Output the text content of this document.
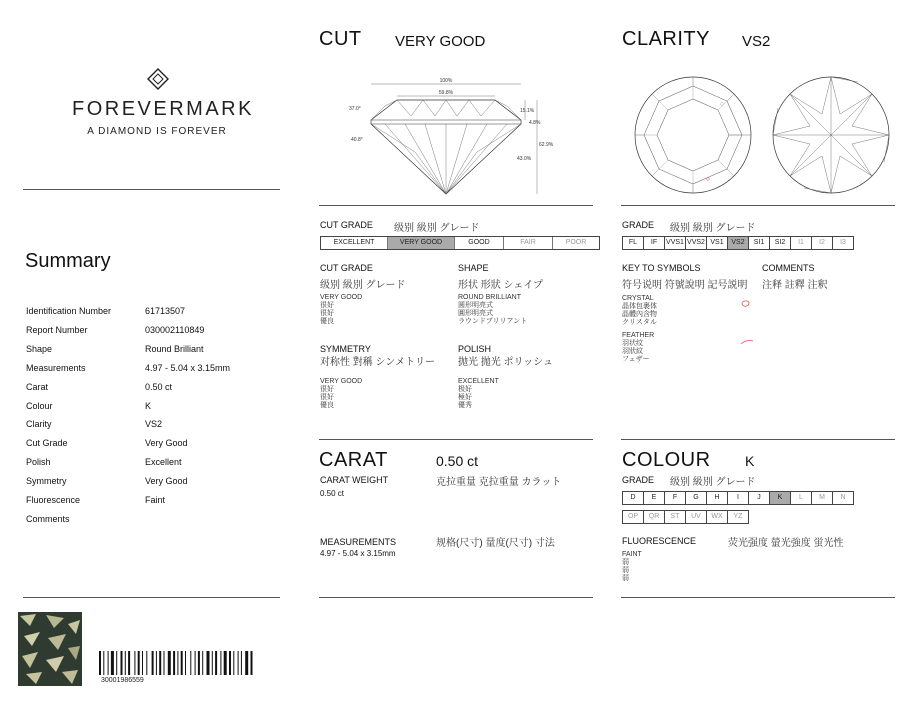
FOREVERMARK
A DIAMOND IS FOREVER
Summary
Identification Number	61713507
Report Number	030002110849
Shape	Round Brilliant
Measurements	4.97 - 5.04 x 3.15mm
Carat	0.50 ct
Colour	K
Clarity	VS2
Cut Grade	Very Good
Polish	Excellent
Symmetry	Very Good
Fluorescence	Faint
Comments
30001986559
CUT VERY GOOD
100%
59.8%
37.0°
40.8°
15.1%
4.8%
62.9%
43.0%
CUT GRADE 级别 級別 グレード
EXCELLENT	VERY GOOD	GOOD	FAIR	POOR
CUT GRADE
级别 級別 グレード
VERY GOOD
很好
很好
優良
SHAPE
形状 形狀 シェイプ
ROUND BRILLIANT
圆形明亮式
圓形明亮式
ラウンドブリリアント
SYMMETRY
对称性 對稱 シンメトリー
VERY GOOD
很好
很好
優良
POLISH
抛光 拋光 ポリッシュ
EXCELLENT
极好
極好
優秀
CARAT	0.50 ct
CARAT WEIGHT	克拉重量 克拉重量 カラット
0.50 ct
MEASUREMENTS	规格(尺寸) 量度(尺寸) 寸法
4.97 - 5.04 x 3.15mm
CLARITY VS2
GRADE 级别 級別 グレード
FL	IF	VVS1 VVS2 VS1	VS2	SI1	SI2	I1	I2	I3
KEY TO SYMBOLS
符号说明 符號說明 記号説明
COMMENTS
注释 註釋 注釈
CRYSTAL
晶体包裹体
晶體內含物
クリスタル
FEATHER
羽状纹
羽狀紋
フェザー
COLOUR K
GRADE 级别 級別 グレード
D	E	F	G	H	I	J	K	L	M	N
OP	QR	ST	UV	WX	YZ
FLUORESCENCE	荧光强度 螢光強度 蛍光性
FAINT
弱
弱
弱
